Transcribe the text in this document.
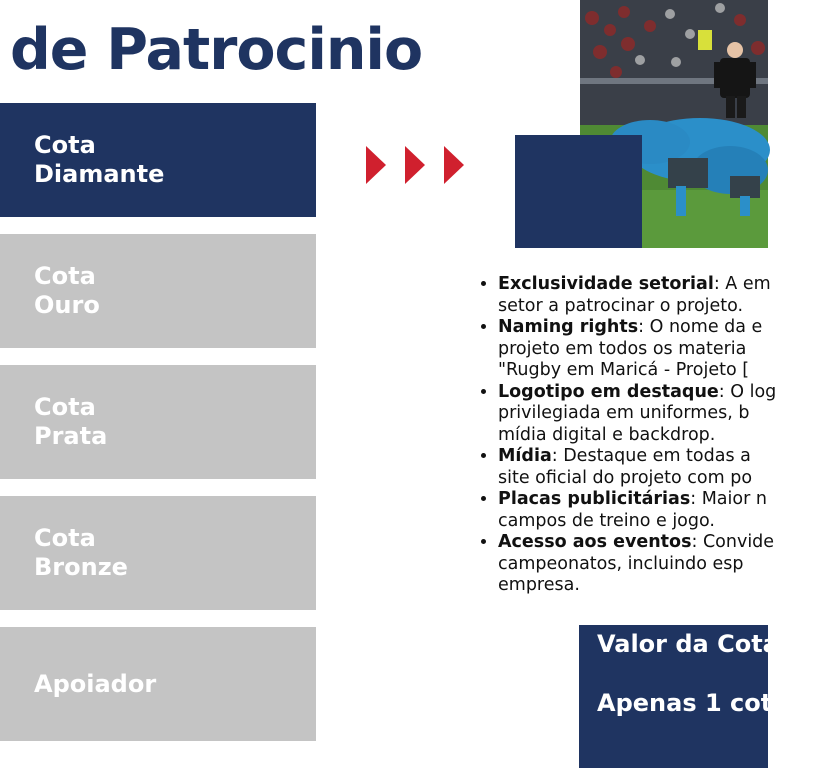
de Patrocinio
Cota
Diamante
Cota
Ouro
Cota
Prata
Cota
Bronze
Apoiador
• Exclusividade setorial: A em
setor a patrocinar o projeto.
• Naming rights: O nome da e
projeto em todos os materia
"Rugby em Maricá - Projeto [
• Logotipo em destaque: O log
privilegiada em uniformes, b
mídia digital e backdrop.
• Mídia: Destaque em todas a
site oficial do projeto com po
• Placas publicitárias: Maior n
campos de treino e jogo.
• Acesso aos eventos: Convide
campeonatos, incluindo esp
empresa.
Valor da Cota
Apenas 1 cota
